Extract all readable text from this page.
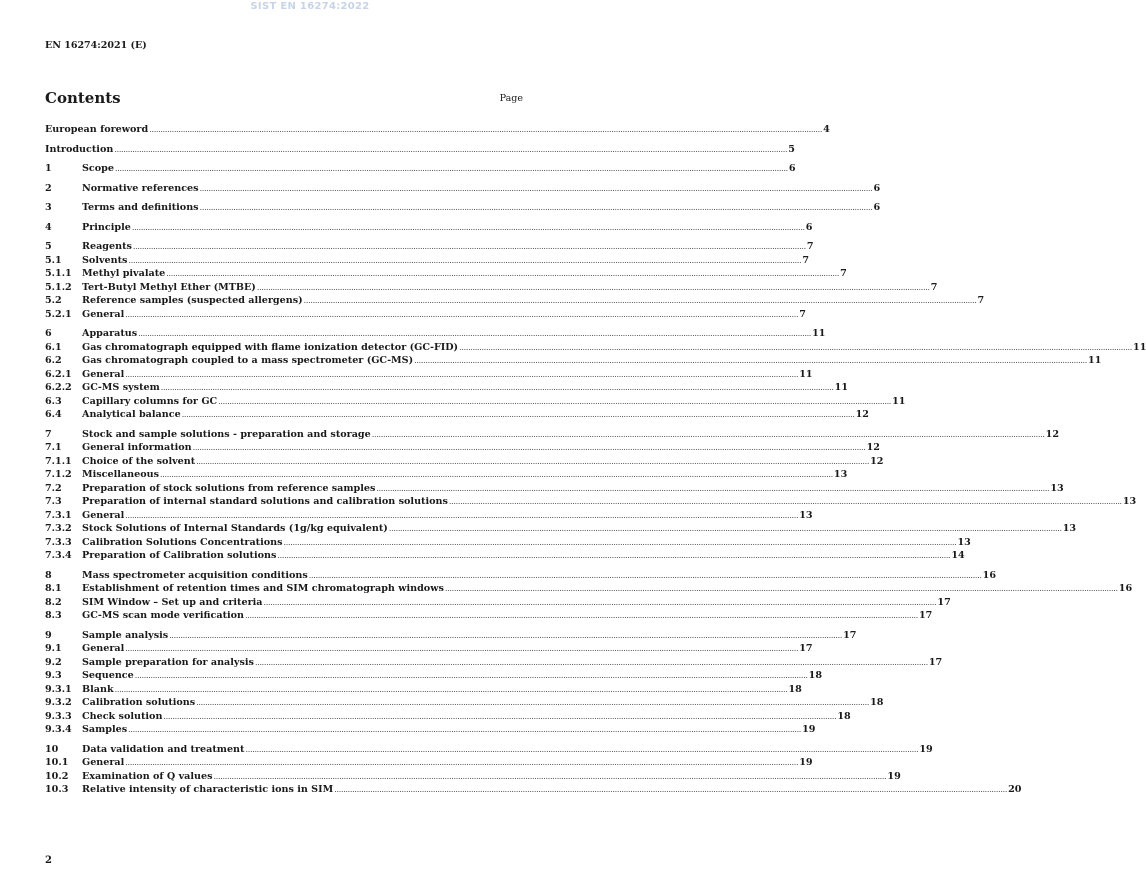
SIST EN 16274:2022
EN 16274:2021 (E)
Contents	Page
European foreword ............................................................................................................................................................................................................................................................................................................ 4
Introduction ............................................................................................................................................................................................................................................................................................................ 5
1	Scope ............................................................................................................................................................................................................................................................................................................ 6
2	Normative references ............................................................................................................................................................................................................................................................................................................ 6
3	Terms and definitions ............................................................................................................................................................................................................................................................................................................ 6
4	Principle ............................................................................................................................................................................................................................................................................................................ 6
5	Reagents ............................................................................................................................................................................................................................................................................................................ 7
5.1	Solvents ............................................................................................................................................................................................................................................................................................................ 7
5.1.1	Methyl pivalate ............................................................................................................................................................................................................................................................................................................ 7
5.1.2	Tert-Butyl Methyl Ether (MTBE) ............................................................................................................................................................................................................................................................................................................ 7
5.2	Reference samples (suspected allergens) ............................................................................................................................................................................................................................................................................................................ 7
5.2.1	General ............................................................................................................................................................................................................................................................................................................ 7
6	Apparatus ............................................................................................................................................................................................................................................................................................................ 11
6.1	Gas chromatograph equipped with flame ionization detector (GC-FID) ............................................................................................................................................................................................................................................................................................................ 11
6.2	Gas chromatograph coupled to a mass spectrometer (GC-MS) ............................................................................................................................................................................................................................................................................................................ 11
6.2.1	General ............................................................................................................................................................................................................................................................................................................ 11
6.2.2	GC-MS system ............................................................................................................................................................................................................................................................................................................ 11
6.3	Capillary columns for GC ............................................................................................................................................................................................................................................................................................................ 11
6.4	Analytical balance ............................................................................................................................................................................................................................................................................................................ 12
7	Stock and sample solutions - preparation and storage ............................................................................................................................................................................................................................................................................................................ 12
7.1	General information ............................................................................................................................................................................................................................................................................................................ 12
7.1.1	Choice of the solvent ............................................................................................................................................................................................................................................................................................................ 12
7.1.2	Miscellaneous ............................................................................................................................................................................................................................................................................................................ 13
7.2	Preparation of stock solutions from reference samples ............................................................................................................................................................................................................................................................................................................ 13
7.3	Preparation of internal standard solutions and calibration solutions ............................................................................................................................................................................................................................................................................................................ 13
7.3.1	General ............................................................................................................................................................................................................................................................................................................ 13
7.3.2	Stock Solutions of Internal Standards (1g/kg equivalent) ............................................................................................................................................................................................................................................................................................................ 13
7.3.3	Calibration Solutions Concentrations ............................................................................................................................................................................................................................................................................................................ 13
7.3.4	Preparation of Calibration solutions ............................................................................................................................................................................................................................................................................................................ 14
8	Mass spectrometer acquisition conditions ............................................................................................................................................................................................................................................................................................................ 16
8.1	Establishment of retention times and SIM chromatograph windows ............................................................................................................................................................................................................................................................................................................ 16
8.2	SIM Window – Set up and criteria ............................................................................................................................................................................................................................................................................................................ 17
8.3	GC-MS scan mode verification ............................................................................................................................................................................................................................................................................................................ 17
9	Sample analysis ............................................................................................................................................................................................................................................................................................................ 17
9.1	General ............................................................................................................................................................................................................................................................................................................ 17
9.2	Sample preparation for analysis ............................................................................................................................................................................................................................................................................................................ 17
9.3	Sequence ............................................................................................................................................................................................................................................................................................................ 18
9.3.1	Blank ............................................................................................................................................................................................................................................................................................................ 18
9.3.2	Calibration solutions ............................................................................................................................................................................................................................................................................................................ 18
9.3.3	Check solution ............................................................................................................................................................................................................................................................................................................ 18
9.3.4	Samples ............................................................................................................................................................................................................................................................................................................ 19
10	Data validation and treatment ............................................................................................................................................................................................................................................................................................................ 19
10.1	General ............................................................................................................................................................................................................................................................................................................ 19
10.2	Examination of Q values ............................................................................................................................................................................................................................................................................................................ 19
10.3	Relative intensity of characteristic ions in SIM ............................................................................................................................................................................................................................................................................................................ 20
2
